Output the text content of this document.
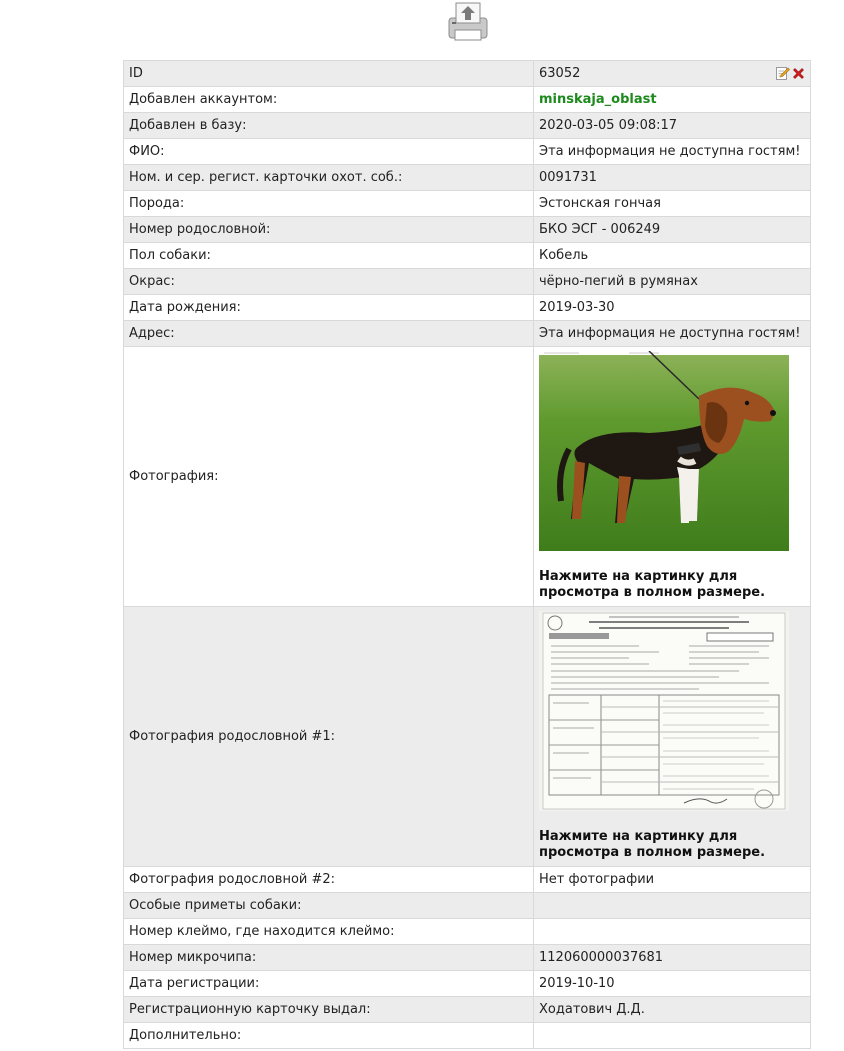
ID	63052

Добавлен аккаунтом:	minskaja_oblast
Добавлен в базу:	2020-03-05 09:08:17
ФИО:	Эта информация не доступна гостям!
Ном. и сер. регист. карточки охот. соб.:	0091731
Порода:	Эстонская гончая
Номер родословной:	БКО ЭСГ - 006249
Пол собаки:	Кобель
Окрас:	чёрно-пегий в румянах
Дата рождения:	2019-03-30
Адрес:	Эта информация не доступна гостям!
Фотография:	Нажмите на картинку для просмотра в полном размере.

Фотография родословной #1:	Нажмите на картинку для просмотра в полном размере.

Фотография родословной #2:	Нет фотографии
Особые приметы собаки:	
Номер клеймо, где находится клеймо:	
Номер микрочипа:	112060000037681
Дата регистрации:	2019-10-10
Регистрационную карточку выдал:	Ходатович Д.Д.
Дополнительно:	
